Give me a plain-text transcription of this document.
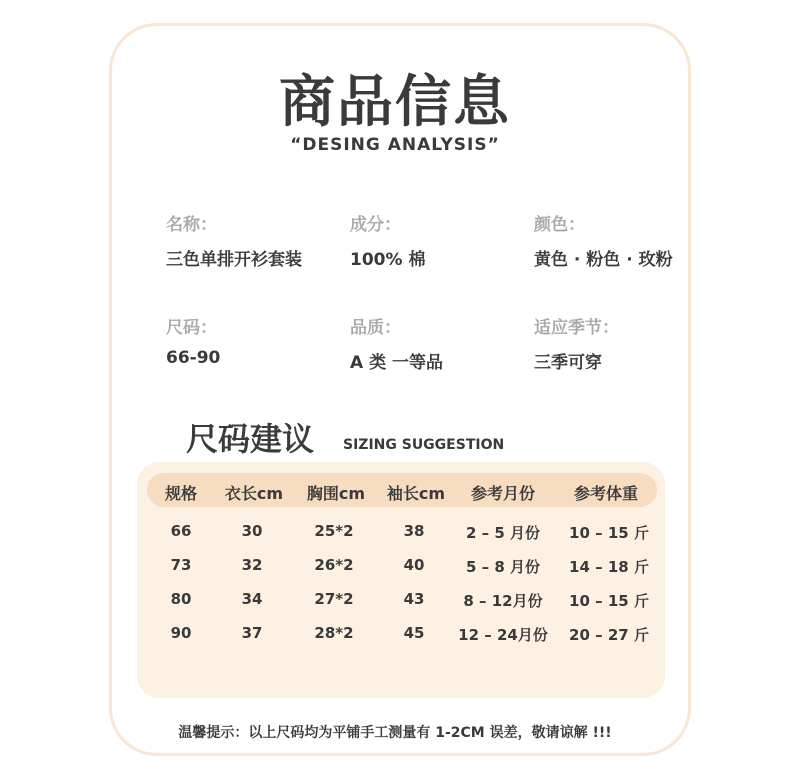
商品信息
“DESING ANALYSIS”
名称：
三色单排开衫套装
成分：
100% 棉
颜色：
黄色 · 粉色 · 玫粉
尺码：
66-90
品质：
A 类 一等品
适应季节：
三季可穿
尺码建议 SIZING SUGGESTION
规格	衣长cm	胸围cm	袖长cm	参考月份	参考体重
66	30	25*2	38	2 – 5 月份	10 – 15 斤
73	32	26*2	40	5 – 8 月份	14 – 18 斤
80	34	27*2	43	8 – 12月份	10 – 15 斤
90	37	28*2	45	12 – 24月份	20 – 27 斤
温馨提示：以上尺码均为平铺手工测量有 1-2CM 误差，敬请谅解 !!!
